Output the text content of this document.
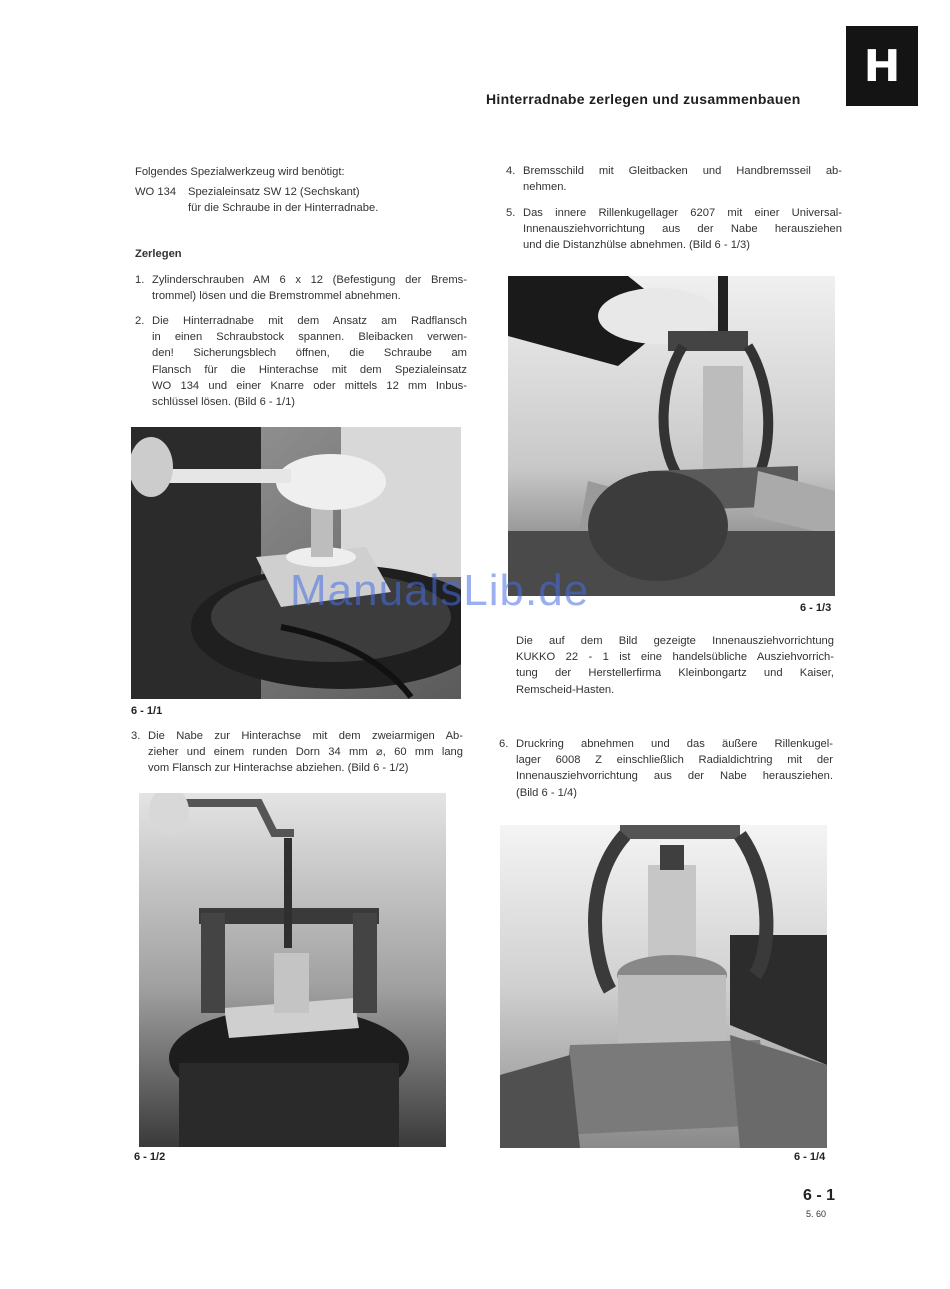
H
Hinterradnabe zerlegen und zusammenbauen
Folgendes Spezialwerkzeug wird benötigt:
WO 134 Spezialeinsatz SW 12 (Sechskant)
für die Schraube in der Hinterradnabe.
Zerlegen
1. Zylinderschrauben AM 6 x 12 (Befestigung der Brems-
trommel) lösen und die Bremstrommel abnehmen.
2. Die Hinterradnabe mit dem Ansatz am Radflansch
in einen Schraubstock spannen. Bleibacken verwen-
den! Sicherungsblech öffnen, die Schraube am
Flansch für die Hinterachse mit dem Spezialeinsatz
WO 134 und einer Knarre oder mittels 12 mm Inbus-
schlüssel lösen. (Bild 6 - 1/1)
6 - 1/1
3. Die Nabe zur Hinterachse mit dem zweiarmigen Ab-
zieher und einem runden Dorn 34 mm ⌀, 60 mm lang
vom Flansch zur Hinterachse abziehen. (Bild 6 - 1/2)
6 - 1/2
4. Bremsschild mit Gleitbacken und Handbremsseil ab-
nehmen.
5. Das innere Rillenkugellager 6207 mit einer Universal-
Innenausziehvorrichtung aus der Nabe herausziehen
und die Distanzhülse abnehmen. (Bild 6 - 1/3)
6 - 1/3
Die auf dem Bild gezeigte Innenausziehvorrichtung
KUKKO 22 - 1 ist eine handelsübliche Ausziehvorrich-
tung der Herstellerfirma Kleinbongartz und Kaiser,
Remscheid-Hasten.
6. Druckring abnehmen und das äußere Rillenkugel-
lager 6008 Z einschließlich Radialdichtring mit der
Innenausziehvorrichtung aus der Nabe herausziehen.
(Bild 6 - 1/4)
6 - 1/4
ManualsLib.de
6 - 1
5. 60
